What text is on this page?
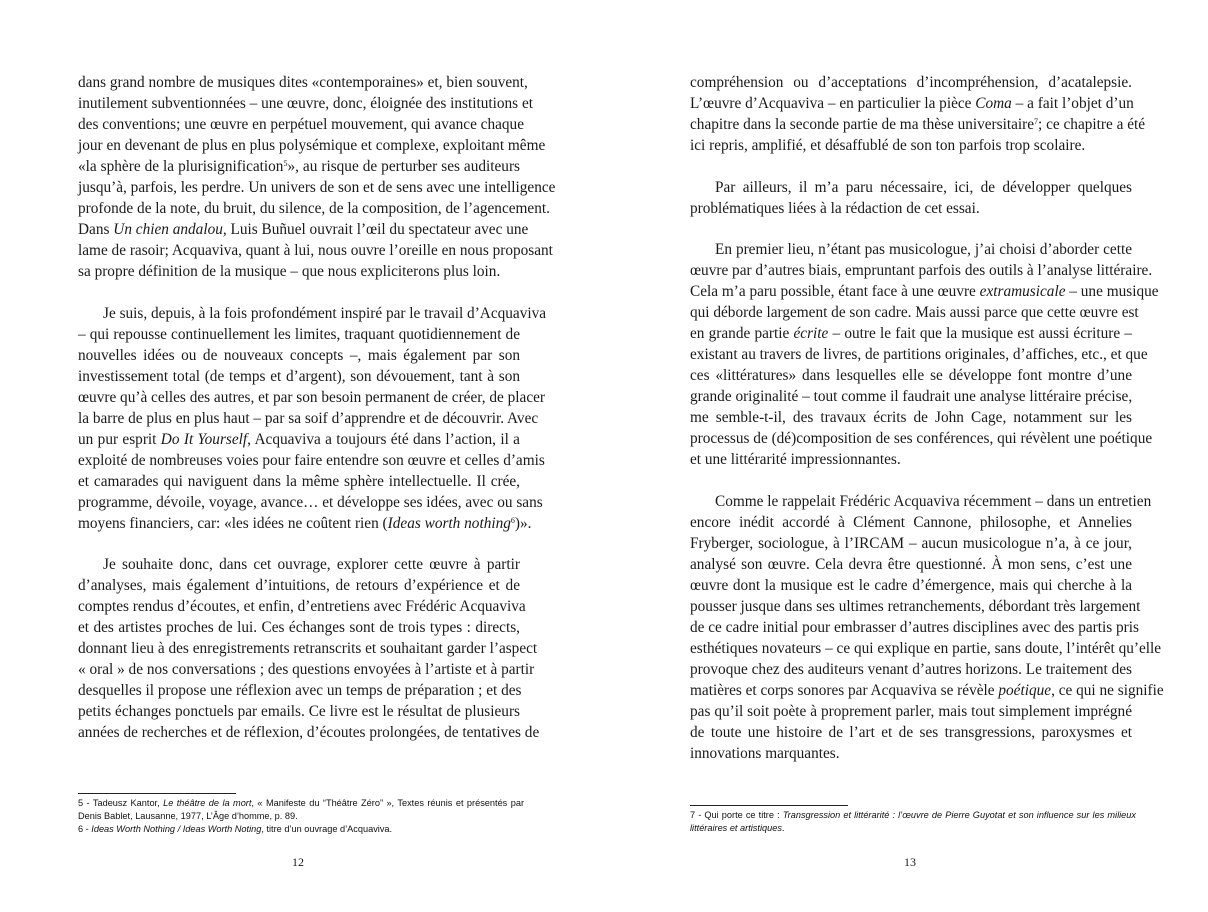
dans grand nombre de musiques dites «contemporaines» et, bien souvent,
inutilement subventionnées – une œuvre, donc, éloignée des institutions et
des conventions; une œuvre en perpétuel mouvement, qui avance chaque
jour en devenant de plus en plus polysémique et complexe, exploitant même
«la sphère de la plurisignification$^5$», au risque de perturber ses auditeurs
jusqu’à, parfois, les perdre. Un univers de son et de sens avec une intelligence
profonde de la note, du bruit, du silence, de la composition, de l’agencement.
Dans Un chien andalou, Luis Buñuel ouvrait l’œil du spectateur avec une
lame de rasoir; Acquaviva, quant à lui, nous ouvre l’oreille en nous proposant
sa propre définition de la musique – que nous expliciterons plus loin.
Je suis, depuis, à la fois profondément inspiré par le travail d’Acquaviva
– qui repousse continuellement les limites, traquant quotidiennement de
nouvelles idées ou de nouveaux concepts –, mais également par son
investissement total (de temps et d’argent), son dévouement, tant à son
œuvre qu’à celles des autres, et par son besoin permanent de créer, de placer
la barre de plus en plus haut – par sa soif d’apprendre et de découvrir. Avec
un pur esprit Do It Yourself, Acquaviva a toujours été dans l’action, il a
exploité de nombreuses voies pour faire entendre son œuvre et celles d’amis
et camarades qui naviguent dans la même sphère intellectuelle. Il crée,
programme, dévoile, voyage, avance… et développe ses idées, avec ou sans
moyens financiers, car: «les idées ne coûtent rien (Ideas worth nothing$^6$)».
Je souhaite donc, dans cet ouvrage, explorer cette œuvre à partir
d’analyses, mais également d’intuitions, de retours d’expérience et de
comptes rendus d’écoutes, et enfin, d’entretiens avec Frédéric Acquaviva
et des artistes proches de lui. Ces échanges sont de trois types : directs,
donnant lieu à des enregistrements retranscrits et souhaitant garder l’aspect
« oral » de nos conversations ; des questions envoyées à l’artiste et à partir
desquelles il propose une réflexion avec un temps de préparation ; et des
petits échanges ponctuels par emails. Ce livre est le résultat de plusieurs
années de recherches et de réflexion, d’écoutes prolongées, de tentatives de
5 - Tadeusz Kantor, Le théâtre de la mort, « Manifeste du “Théâtre Zéro” », Textes réunis et présentés par Denis Bablet, Lausanne, 1977, L’Âge d’homme, p. 89.
6 - Ideas Worth Nothing / Ideas Worth Noting, titre d’un ouvrage d’Acquaviva.
12
compréhension ou d’acceptations d’incompréhension, d’acatalepsie.
L’œuvre d’Acquaviva – en particulier la pièce Coma – a fait l’objet d’un
chapitre dans la seconde partie de ma thèse universitaire$^7$; ce chapitre a été
ici repris, amplifié, et désaffublé de son ton parfois trop scolaire.
Par ailleurs, il m’a paru nécessaire, ici, de développer quelques
problématiques liées à la rédaction de cet essai.
En premier lieu, n’étant pas musicologue, j’ai choisi d’aborder cette
œuvre par d’autres biais, empruntant parfois des outils à l’analyse littéraire.
Cela m’a paru possible, étant face à une œuvre extramusicale – une musique
qui déborde largement de son cadre. Mais aussi parce que cette œuvre est
en grande partie écrite – outre le fait que la musique est aussi écriture –
existant au travers de livres, de partitions originales, d’affiches, etc., et que
ces «littératures» dans lesquelles elle se développe font montre d’une
grande originalité – tout comme il faudrait une analyse littéraire précise,
me semble-t-il, des travaux écrits de John Cage, notamment sur les
processus de (dé)composition de ses conférences, qui révèlent une poétique
et une littérarité impressionnantes.
Comme le rappelait Frédéric Acquaviva récemment – dans un entretien
encore inédit accordé à Clément Cannone, philosophe, et Annelies
Fryberger, sociologue, à l’IRCAM – aucun musicologue n’a, à ce jour,
analysé son œuvre. Cela devra être questionné. À mon sens, c’est une
œuvre dont la musique est le cadre d’émergence, mais qui cherche à la
pousser jusque dans ses ultimes retranchements, débordant très largement
de ce cadre initial pour embrasser d’autres disciplines avec des partis pris
esthétiques novateurs – ce qui explique en partie, sans doute, l’intérêt qu’elle
provoque chez des auditeurs venant d’autres horizons. Le traitement des
matières et corps sonores par Acquaviva se révèle poétique, ce qui ne signifie
pas qu’il soit poète à proprement parler, mais tout simplement imprégné
de toute une histoire de l’art et de ses transgressions, paroxysmes et
innovations marquantes.
7 - Qui porte ce titre : Transgression et littérarité : l’œuvre de Pierre Guyotat et son influence sur les milieux littéraires et artistiques.
13
